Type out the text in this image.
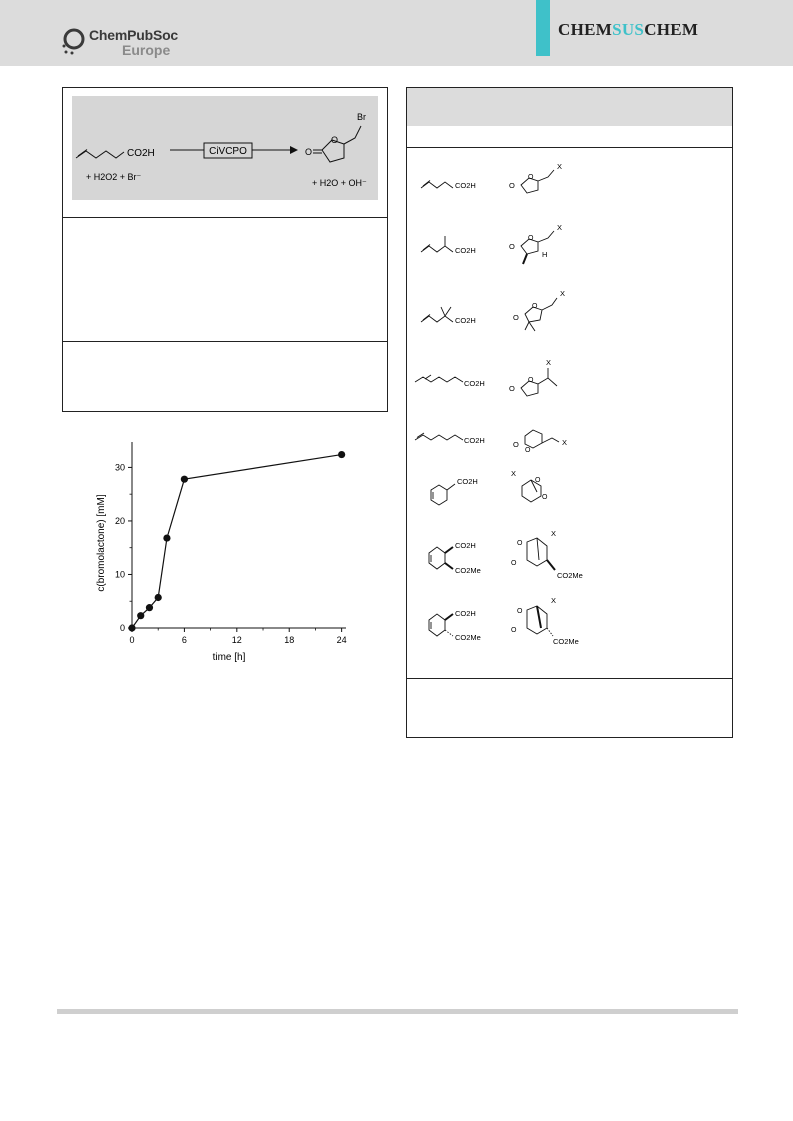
ChemPubSoc
Europe
CHEMSUSCHEM
CO2H
+ H2O2 + Br⁻
CiVCPO	O
O
Br
+ H2O + OH⁻
0	6	12	18	24
0
10
20
30
time [h]
c(bromolactone) [mM]
CO2H	O
O
X
CO2H	O
O
X
H
CO2H	O
O
X
CO2H
O
O
X
CO2H	O
O
X
CO2H
O
X
O
CO2H
CO2Me
O
O
X
CO2Me
CO2H
CO2Me
O
O
X
CO2Me
